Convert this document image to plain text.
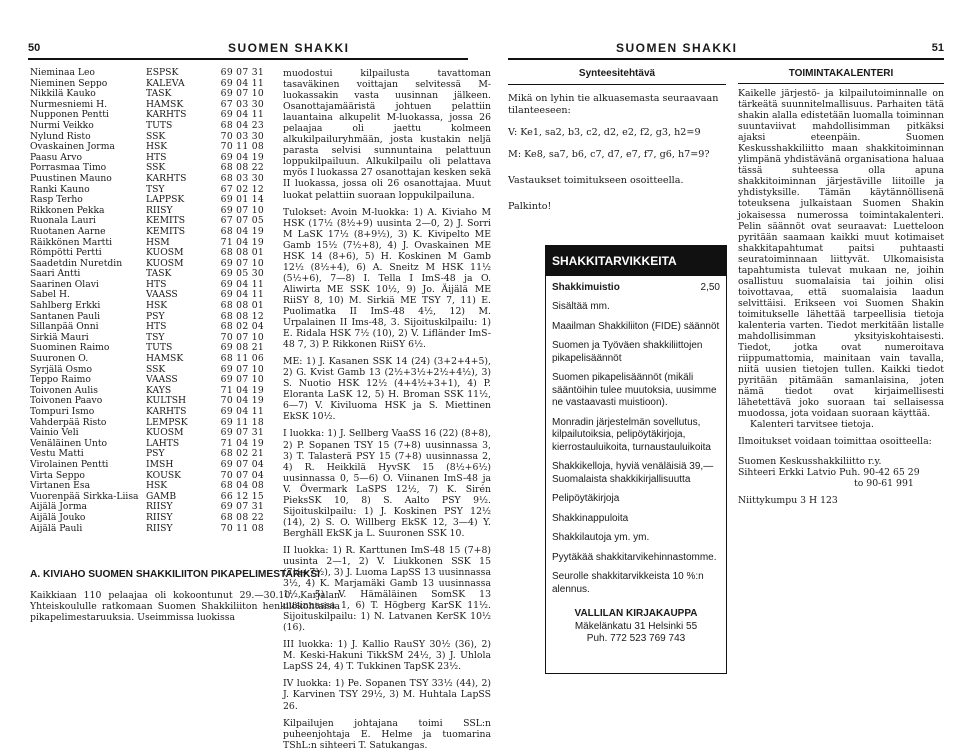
50	SUOMEN SHAKKI	SUOMEN SHAKKI	51
Nieminaa Leo	ESPSK	69 07 31
Nieminen Seppo	KALEVA	69 04 11
Nikkilä Kauko	TASK	69 07 10
Nurmesniemi H.	HÄMSK	67 03 30
Nupponen Pentti	KARHTS	69 04 11
Nurmi Veikko	TUTS	68 04 23
Nylund Risto	SSK	70 03 30
Ovaskainen Jorma	HSK	70 11 08
Paasu Arvo	HTS	69 04 19
Porrasmaa Timo	SSK	68 08 22
Puustinen Mauno	KARHTS	68 03 30
Ranki Kauno	TSY	67 02 12
Rasp Terho	LAPPSK	69 01 14
Rikkonen Pekka	RIISY	69 07 10
Ruonala Lauri	KEMITS	67 07 05
Ruotanen Aarne	KEMITS	68 04 19
Räikkönen Martti	HSM	71 04 19
Römpötti Pertti	KUOSM	68 08 01
Saadetdin Nuretdin	KUOSM	69 07 10
Saari Antti	TASK	69 05 30
Saarinen Olavi	HTS	69 04 11
Sabel H.	VAASS	69 04 11
Sahlberg Erkki	HSK	68 08 01
Santanen Pauli	PSY	68 08 12
Sillanpää Onni	HTS	68 02 04
Sirkiä Mauri	TSY	70 07 10
Suominen Raimo	TUTS	69 08 21
Suuronen O.	HÄMSK	68 11 06
Syrjälä Osmo	SSK	69 07 10
Teppo Raimo	VAASS	69 07 10
Toivonen Aulis	KÄYS	71 04 19
Toivonen Paavo	KULTSH	70 04 19
Tompuri Ismo	KARHTS	69 04 11
Vahderpää Risto	LEMPSK	69 11 18
Vainio Veli	KUOSM	69 07 31
Venäläinen Unto	LAHTS	71 04 19
Vestu Matti	PSY	68 02 21
Virolainen Pentti	IMSH	69 07 04
Virta Seppo	KOUSK	70 07 04
Virtanen Esa	HSK	68 04 08
Vuorenpää Sirkka-Liisa GAMB	66 12 15
Äijälä Jorma	RIISY	69 07 31
Äijälä Jouko	RIISY	68 08 22
Äijälä Pauli	RIISY	70 11 08
A. KIVIAHO SUOMEN SHAKKILIITON PIKAPELIMESTARIKSI

Kaikkiaan 110 pelaajaa oli kokoontunut 29.—30.10. Karjalan Yhteiskoululle ratkomaan Suomen Shakkiliiton henkilökohtaisia pikapelimestaruuksia. Useimmissa luokissa

muodostui kilpailusta tavattoman tasaväkinen voittajan selvitessä M-luokassakin vasta uusinnan jälkeen. Osanottajamääristä johtuen pelattiin lauantaina alkupelit M-luokassa, jossa 26 pelaajaa oli jaettu kolmeen alkukilpailuryhmään, josta kustakin neljä parasta selvisi sunnuntaina pelattuun loppukilpailuun. Alkukilpailu oli pelattava myös I luokassa 27 osanottajan kesken sekä II luokassa, jossa oli 26 osanottajaa. Muut luokat pelattiin suoraan loppukilpailuna.

Tulokset: Avoin M-luokka: 1) A. Kiviaho M HSK (17½ (8½+9) uusinta 2—0, 2) J. Sorri M LaSK 17½ (8+9½), 3) K. Kivipelto ME Gamb 15½ (7½+8), 4) J. Ovaskainen ME HSK 14 (8+6), 5) H. Koskinen M Gamb 12½ (8½+4), 6) A. Sneitz M HSK 11½ (5½+6), 7—8) I. Tella I ImS-48 ja O. Aliwirta ME SSK 10½, 9) Jo. Äijälä ME RiiSY 8, 10) M. Sirkiä ME TSY 7, 11) E. Puolimatka II ImS-48 4½, 12) M. Urpalainen II Ims-48, 3. Sijoituskilpailu: 1) E. Ridala HSK 7½ (10), 2) V. Lifländer ImS-48 7, 3) P. Rikkonen RiiSY 6½.

ME: 1) J. Kasanen SSK 14 (24) (3+2+4+5), 2) G. Kvist Gamb 13 (2½+3½+2½+4½), 3) S. Nuotio HSK 12½ (4+4½+3+1), 4) P. Eloranta LaSK 12, 5) H. Broman SSK 11½, 6—7) V. Kiviluoma HSK ja S. Miettinen EkSK 10½.

I luokka: 1) J. Sellberg VaaSS 16 (22) (8+8), 2) P. Sopanen TSY 15 (7+8) uusinnassa 3, 3) T. Talasterä PSY 15 (7+8) uusinnassa 2, 4) R. Heikkilä HyvSK 15 (8½+6½) uusinnassa 0, 5—6) O. Viinanen ImS-48 ja V. Övermark LaSPS 12½, 7) K. Sirén PieksSK 10, 8) S. Aalto PSY 9½. Sijoituskilpailu: 1) J. Koskinen PSY 12½ (14), 2) S. O. Willberg EkSK 12, 3—4) Y. Berghäll EkSK ja L. Suuronen SSK 10.

II luokka: 1) R. Karttunen ImS-48 15 (7+8) uusinta 2—1, 2) V. Liukkonen SSK 15 (7½+7½), 3) J. Luoma LapSS 13 uusinnassa 3½, 4) K. Marjamäki Gamb 13 uusinnassa 1½, 5) V. Hämäläinen SomSK 13 uusinnassa 1, 6) T. Högberg KarSK 11½. Sijoituskilpailu: 1) N. Latvanen KerSK 10½ (16).

III luokka: 1) J. Kallio RauSY 30½ (36), 2) M. Keski-Hakuni TikkSM 24½, 3) J. Uhlola LapSS 24, 4) T. Tukkinen TapSK 23½.

IV luokka: 1) Pe. Sopanen TSY 33½ (44), 2) J. Karvinen TSY 29½, 3) M. Huhtala LapSS 26.

Kilpailujen johtajana toimi SSL:n puheenjohtaja E. Helme ja tuomarina TShL:n sihteeri T. Satukangas.

Synteesitehtävä
Mikä on lyhin tie alkuasemasta seuraavaan tilanteeseen:
V: Ke1, sa2, b3, c2, d2, e2, f2, g3, h2=9
M: Ke8, sa7, b6, c7, d7, e7, f7, g6, h7=9?
Vastaukset toimitukseen osoitteella.
Palkinto!
SHAKKITARVIKKEITA
Shakkimuistio	2,50
Sisältää mm.
Maailman Shakkiliiton (FIDE) säännöt
Suomen ja Työväen shakkiliittojen pikapelisäännöt
Suomen pikapelisäännöt (mikäli sääntöihin tulee muutoksia, uusimme ne vastaavasti muistioon).
Monradin järjestelmän sovellutus, kilpailutoiksia, pelipöytäkirjoja, kierrostauluikoita, turnaustauluikoita
Shakkikelloja, hyviä venäläisiä 39,— Suomalaista shakkikirjallisuutta
Pelipöytäkirjoja
Shakkinappuloita
Shakkilautoja ym. ym.
Pyytäkää shakkitarvikehinnastomme.
Seurolle shakkitarvikkeista 10 %:n alennus.
VALLILAN KIRJAKAUPPA
Mäkelänkatu 31 Helsinki 55
Puh. 772 523 769 743
TOIMINTAKALENTERI
Kaikelle järjestö- ja kilpailutoiminnalle on tärkeätä suunnitelmallisuus. Parhaiten tätä shakin alalla edistetään luomalla toiminnan suuntaviivat mahdollisimman pitkäksi ajaksi eteenpäin. Suomen Keskusshakkiliitto maan shakkitoiminnan ylimpänä yhdistävänä organisationa haluaa tässä suhteessa olla apuna shakkitoiminnan järjestäville liitoille ja yhdistyksille. Tämän käytännöllisenä toteuksena julkaistaan Suomen Shakin jokaisessa numerossa toimintakalenteri. Pelin säännöt ovat seuraavat: Luetteloon pyritään saamaan kaikki muut kotimaiset shakkitapahtumat paitsi puhtaasti seuratoiminnaan liittyvät. Ulkomaisista tapahtumista tulevat mukaan ne, joihin osallistuu suomalaisia tai joihin olisi toivottavaa, että suomalaisia laadun selvittäisi. Erikseen voi Suomen Shakin toimitukselle lähettää tarpeellisia tietoja kalenteria varten. Tiedot merkitään listalle mahdollisimman yksityiskohtaisesti. Tiedot, jotka ovat numeroitava riippumattomia, mainitaan vain tavalla, niitä uusien tietojen tullen. Kaikki tiedot pyritään pitämään samanlaisina, joten nämä tiedot ovat kirjaimellisesti lähetettävä joko suoraan tai sellaisessa muodossa, jota voidaan suoraan käyttää.
Kalenteri tarvitsee tietoja.
Ilmoitukset voidaan toimittaa osoitteella:
Suomen Keskusshakkiliitto r.y.
Sihteeri Erkki Latvio Puh. 90-42 65 29
to 90-61 991
Niittykumpu 3 H 123
